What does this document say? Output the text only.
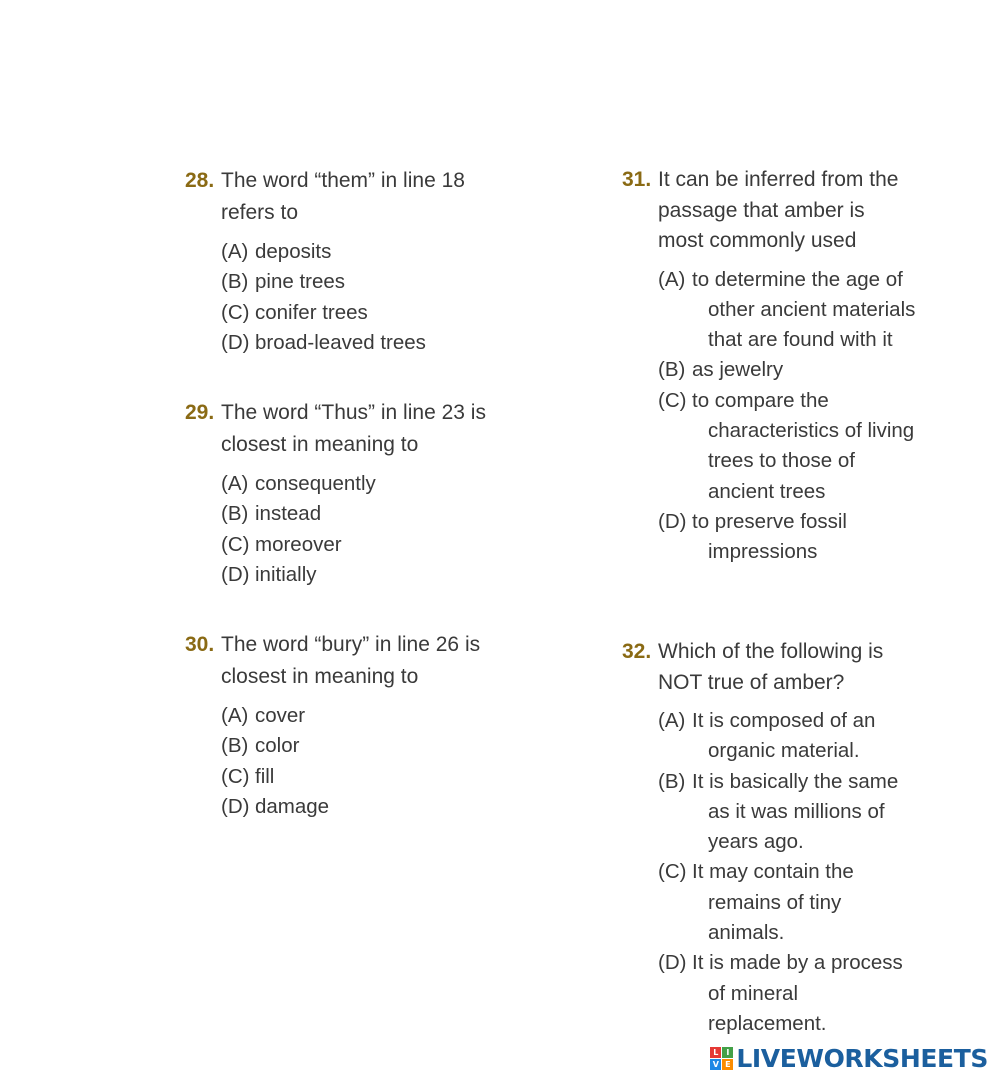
28. The word “them” in line 18 refers to
(A) deposits
(B) pine trees
(C) conifer trees
(D) broad-leaved trees
29. The word “Thus” in line 23 is closest in meaning to
(A) consequently
(B) instead
(C) moreover
(D) initially
30. The word “bury” in line 26 is closest in meaning to
(A) cover
(B) color
(C) fill
(D) damage
31. It can be inferred from the passage that amber is most commonly used
(A) to determine the age of other ancient materials that are found with it
(B) as jewelry
(C) to compare the characteristics of living trees to those of ancient trees
(D) to preserve fossil impressions
32. Which of the following is NOT true of amber?
(A) It is composed of an organic material.
(B) It is basically the same as it was millions of years ago.
(C) It may contain the remains of tiny animals.
(D) It is made by a process of mineral replacement.
L I
V E LIVEWORKSHEETS
